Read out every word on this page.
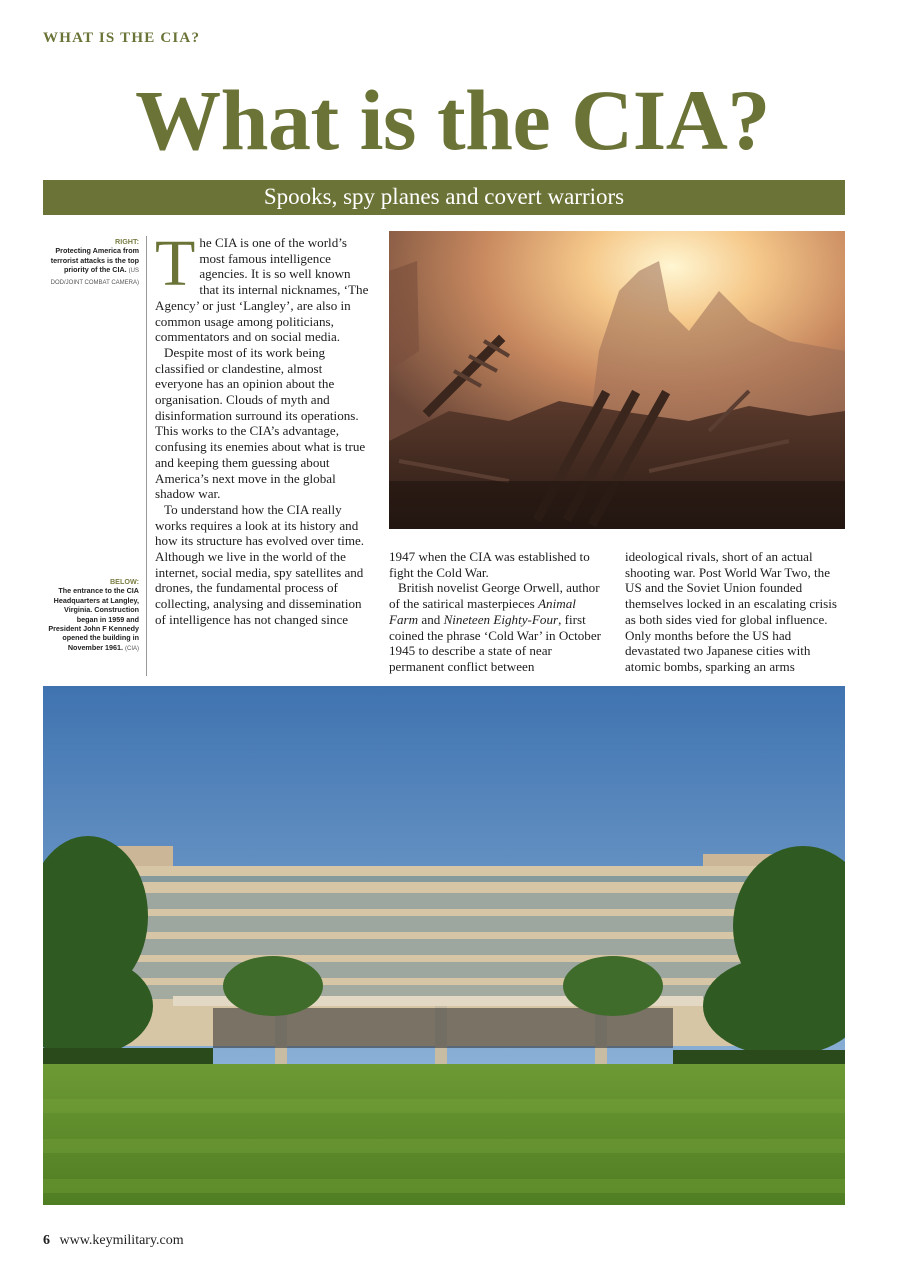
WHAT IS THE CIA?
What is the CIA?
Spooks, spy planes and covert warriors
RIGHT:
Protecting America from terrorist attacks is the top priority of the CIA. (US DOD/JOINT COMBAT CAMERA)
BELOW:
The entrance to the CIA Headquarters at Langley, Virginia. Construction began in 1959 and President John F Kennedy opened the building in November 1961. (CIA)

The CIA is one of the world’s most famous intelligence agencies. It is so well known that its internal nicknames, ‘The Agency’ or just ‘Langley’, are also in common usage among politicians, commentators and on social media.

Despite most of its work being classified or clandestine, almost everyone has an opinion about the organisation. Clouds of myth and disinformation surround its operations. This works to the CIA’s advantage, confusing its enemies about what is true and keeping them guessing about America’s next move in the global shadow war.

To understand how the CIA really works requires a look at its history and how its structure has evolved over time. Although we live in the world of the internet, social media, spy satellites and drones, the fundamental process of collecting, analysing and dissemination of intelligence has not changed since

1947 when the CIA was established to fight the Cold War.

British novelist George Orwell, author of the satirical masterpieces Animal Farm and Nineteen Eighty-Four, first coined the phrase ‘Cold War’ in October 1945 to describe a state of near permanent conflict between

ideological rivals, short of an actual shooting war. Post World War Two, the US and the Soviet Union founded themselves locked in an escalating crisis as both sides vied for global influence. Only months before the US had devastated two Japanese cities with atomic bombs, sparking an arms

6 www.keymilitary.com
